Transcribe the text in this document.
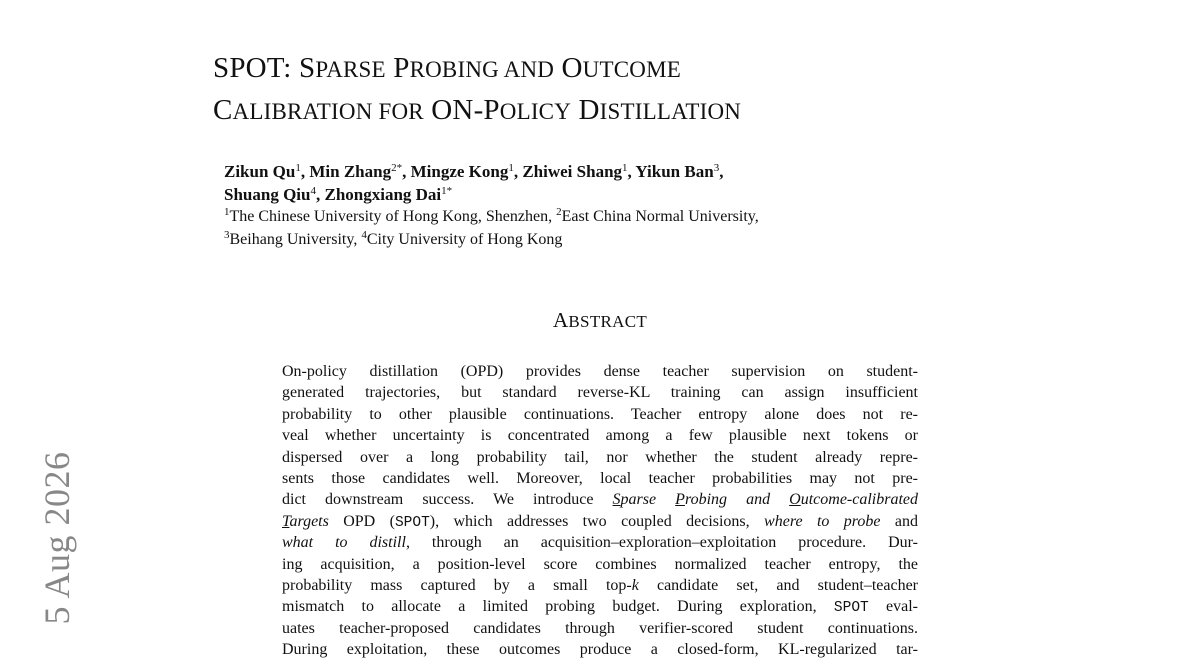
5 Aug 2026
SPOT: SPARSE PROBING AND OUTCOME
CALIBRATION FOR ON-POLICY DISTILLATION
Zikun Qu$^1$, Min Zhang$^{2*}$, Mingze Kong$^1$, Zhiwei Shang$^1$, Yikun Ban$^3$,
Shuang Qiu$^4$, Zhongxiang Dai$^{1*}$
$^1$The Chinese University of Hong Kong, Shenzhen, $^2$East China Normal University,
$^3$Beihang University, $^4$City University of Hong Kong
ABSTRACT
On-policy distillation (OPD) provides dense teacher supervision on student-
generated trajectories, but standard reverse-KL training can assign insufficient
probability to other plausible continuations. Teacher entropy alone does not re-
veal whether uncertainty is concentrated among a few plausible next tokens or
dispersed over a long probability tail, nor whether the student already repre-
sents those candidates well. Moreover, local teacher probabilities may not pre-
dict downstream success. We introduce Sparse Probing and Outcome-calibrated
Targets OPD (SPOT), which addresses two coupled decisions, where to probe and
what to distill, through an acquisition–exploration–exploitation procedure. Dur-
ing acquisition, a position-level score combines normalized teacher entropy, the
probability mass captured by a small top-k candidate set, and student–teacher
mismatch to allocate a limited probing budget. During exploration, SPOT eval-
uates teacher-proposed candidates through verifier-scored student continuations.
During exploitation, these outcomes produce a closed-form, KL-regularized tar-
